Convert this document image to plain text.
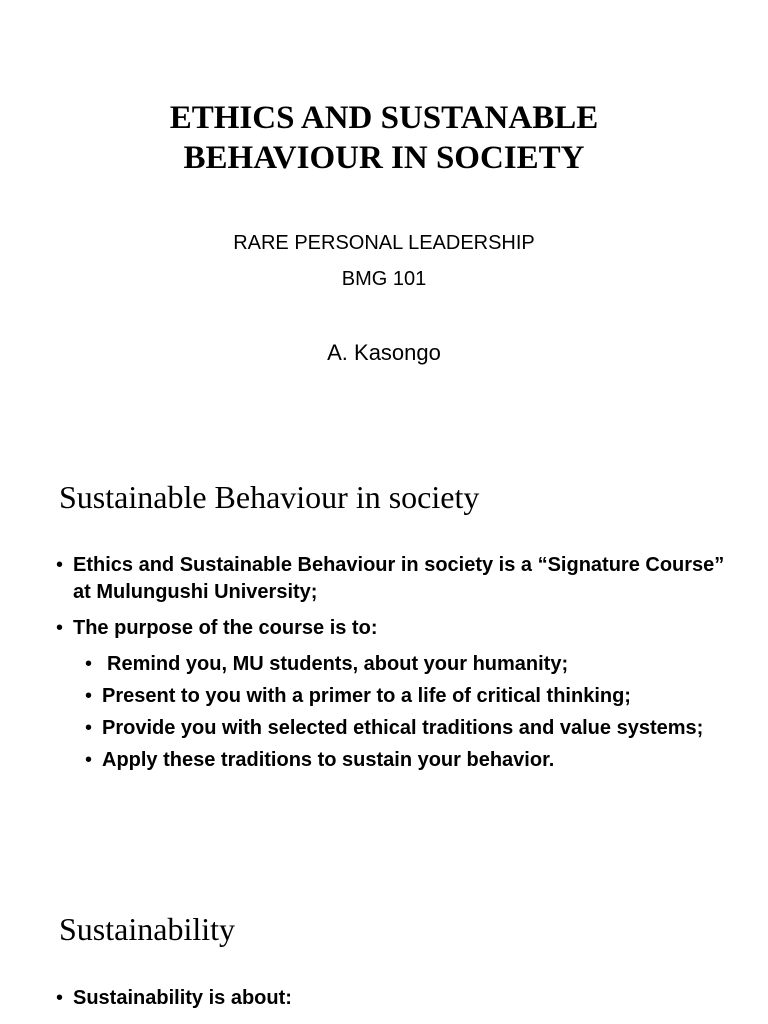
ETHICS AND SUSTANABLE
BEHAVIOUR IN SOCIETY
RARE PERSONAL LEADERSHIP
BMG 101
A. Kasongo
Sustainable Behaviour in society
• Ethics and Sustainable Behaviour in society is a “Signature Course” at Mulungushi University;
• The purpose of the course is to:
• Remind you, MU students, about your humanity;
• Present to you with a primer to a life of critical thinking;
• Provide you with selected ethical traditions and value systems;
• Apply these traditions to sustain your behavior.
Sustainability
• Sustainability is about:
